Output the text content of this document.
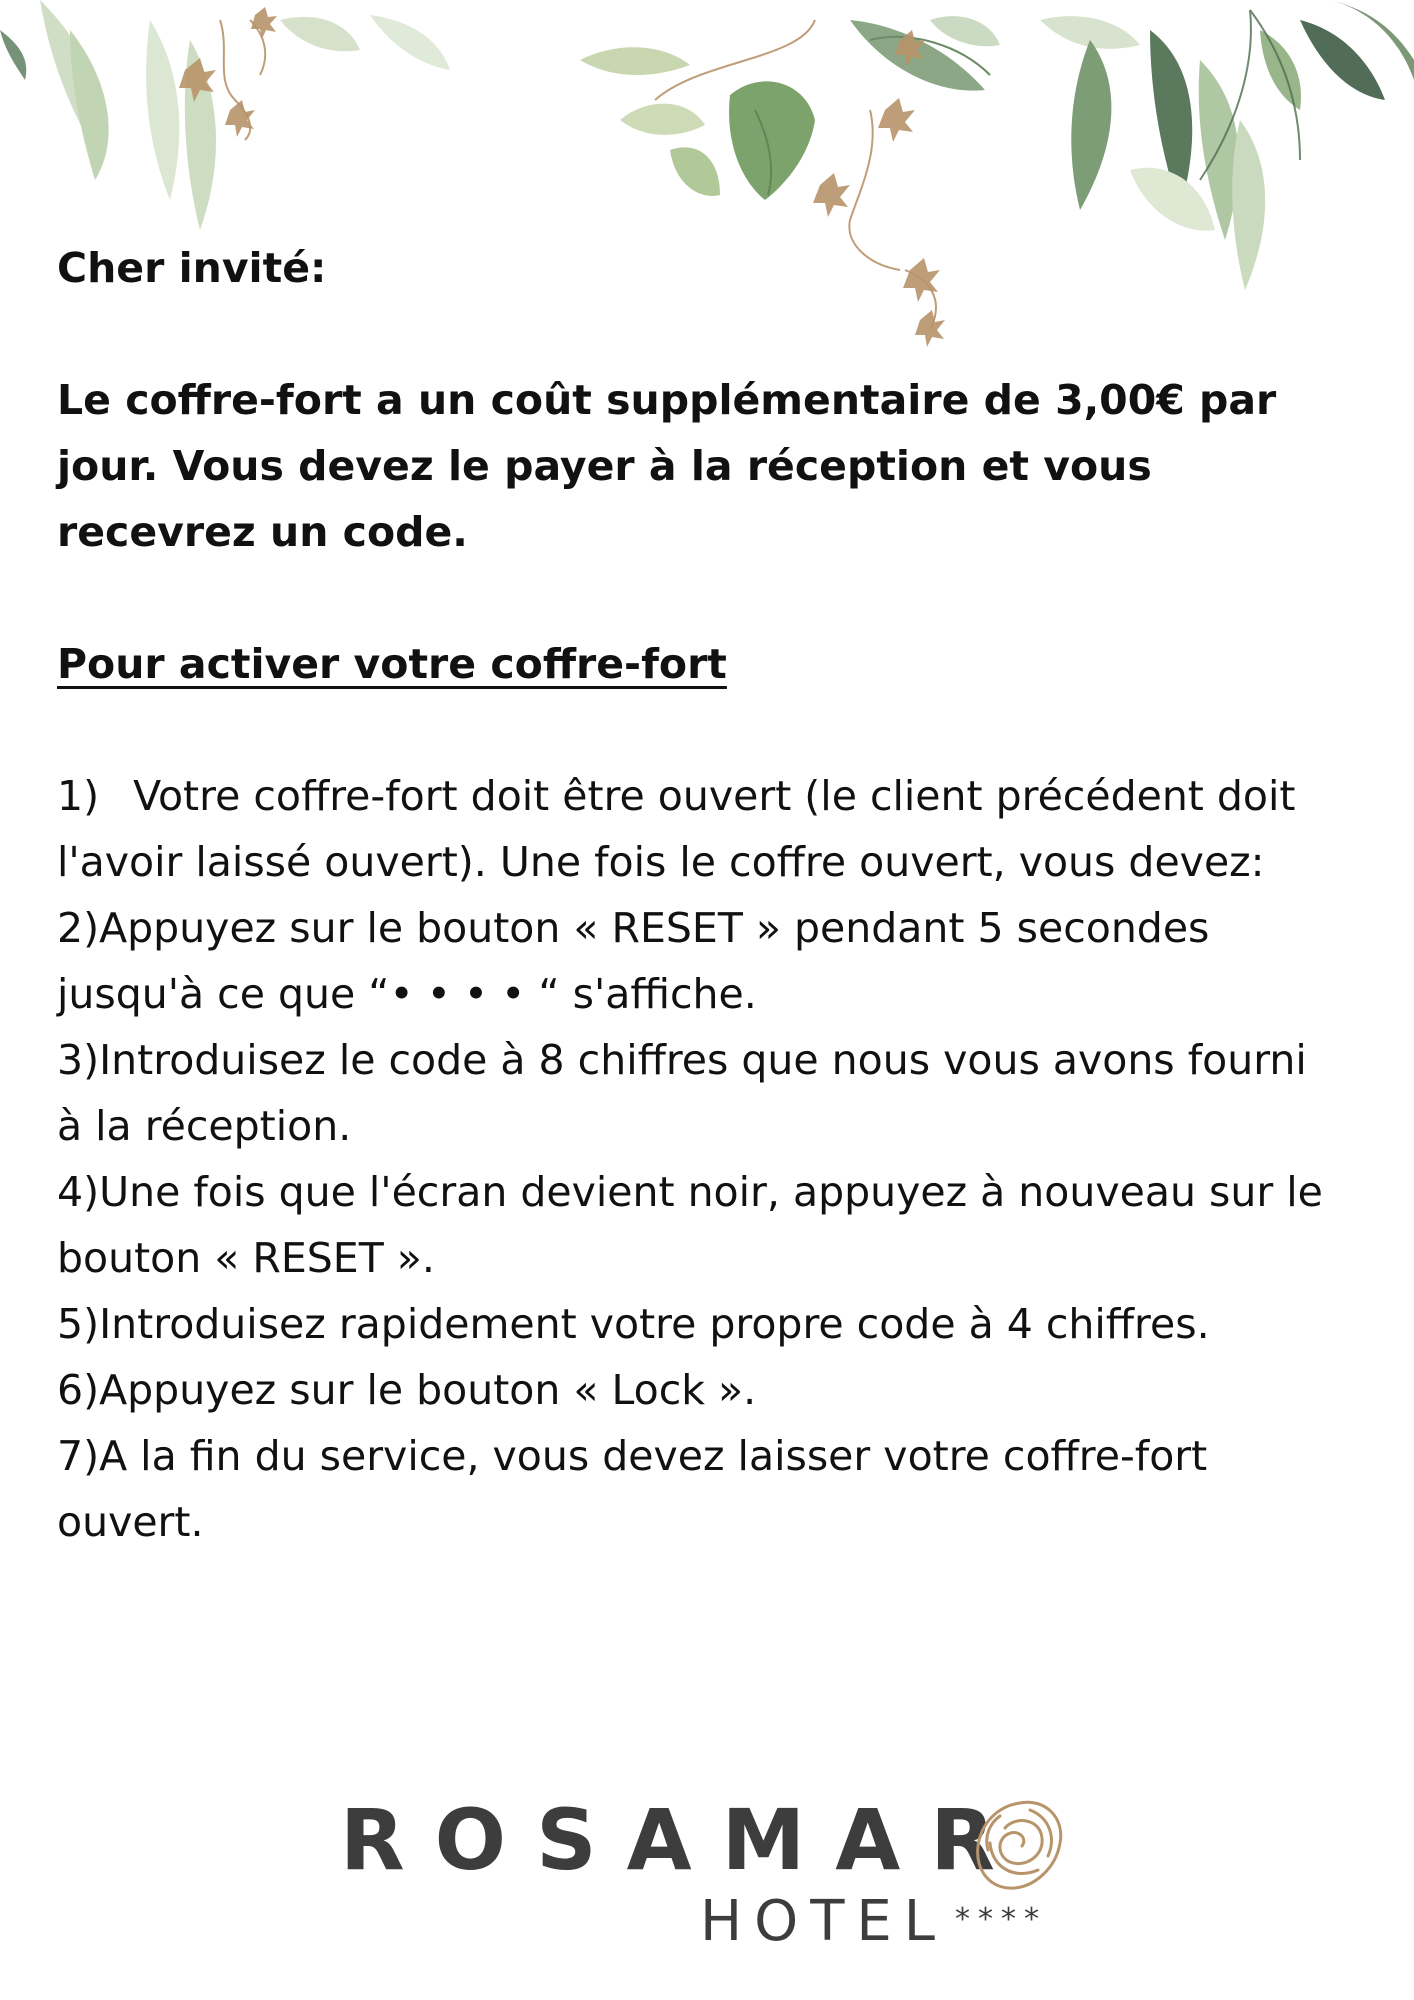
Cher invité:

Le coffre-fort a un coût supplémentaire de 3,00€ par jour. Vous devez le payer à la réception et vous recevrez un code.

Pour activer votre coffre-fort

1) Votre coffre-fort doit être ouvert (le client précédent doit l'avoir laissé ouvert). Une fois le coffre ouvert, vous devez:
2)Appuyez sur le bouton « RESET » pendant 5 secondes jusqu'à ce que “• • • • “ s'affiche.
3)Introduisez le code à 8 chiffres que nous vous avons fourni à la réception.
4)Une fois que l'écran devient noir, appuyez à nouveau sur le bouton « RESET ».
5)Introduisez rapidement votre propre code à 4 chiffres.
6)Appuyez sur le bouton « Lock ».
7)A la fin du service, vous devez laisser votre coffre-fort ouvert.
ROSAMAR
HOTEL ****
